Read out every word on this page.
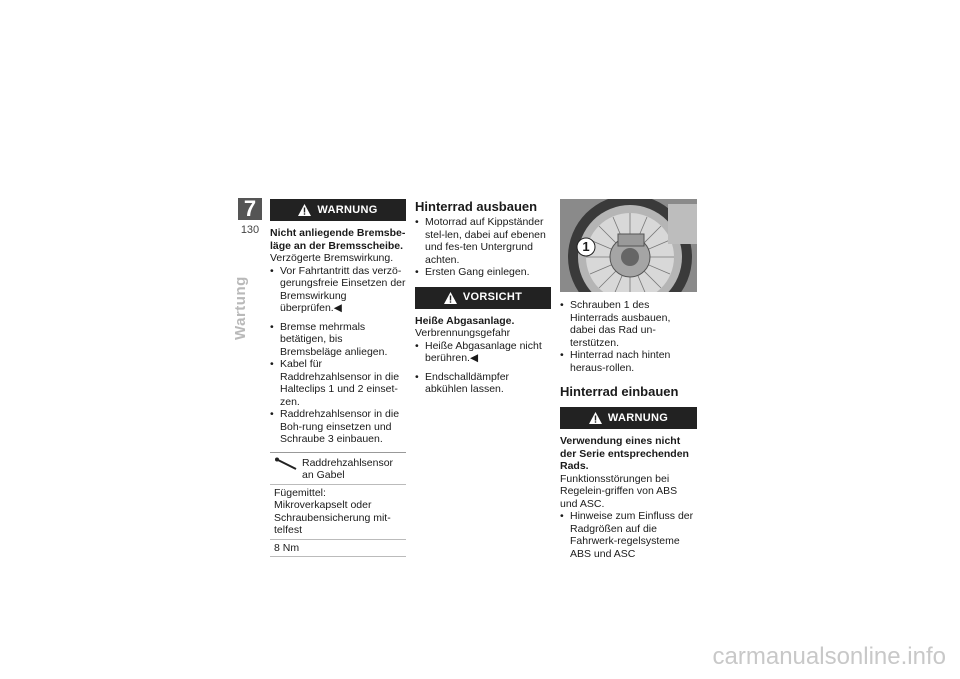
7
130
Wartung
WARNUNG
Nicht anliegende Bremsbe-läge an der Bremsscheibe.
Verzögerte Bremswirkung.
• Vor Fahrtantritt das verzö-gerungsfreie Einsetzen der Bremswirkung überprüfen.◀
• Bremse mehrmals betätigen, bis Bremsbeläge anliegen.
• Kabel für Raddrehzahlsensor in die Halteclips 1 und 2 einset-zen.
• Raddrehzahlsensor in die Boh-rung einsetzen und Schraube 3 einbauen.
Raddrehzahlsensor an Gabel
Fügemittel: Mikroverkapselt oder Schraubensicherung mit-telfest
8 Nm
Hinterrad ausbauen
• Motorrad auf Kippständer stel-len, dabei auf ebenen und fes-ten Untergrund achten.
• Ersten Gang einlegen.
VORSICHT
Heiße Abgasanlage.
Verbrennungsgefahr
• Heiße Abgasanlage nicht berühren.◀
• Endschalldämpfer abkühlen lassen.
1
• Schrauben 1 des Hinterrads ausbauen, dabei das Rad un-terstützen.
• Hinterrad nach hinten heraus-rollen.
Hinterrad einbauen
WARNUNG
Verwendung eines nicht der Serie entsprechenden Rads.
Funktionsstörungen bei Regelein-griffen von ABS und ASC.
• Hinweise zum Einfluss der Radgrößen auf die Fahrwerk-regelsysteme ABS und ASC
carmanualsonline.info
